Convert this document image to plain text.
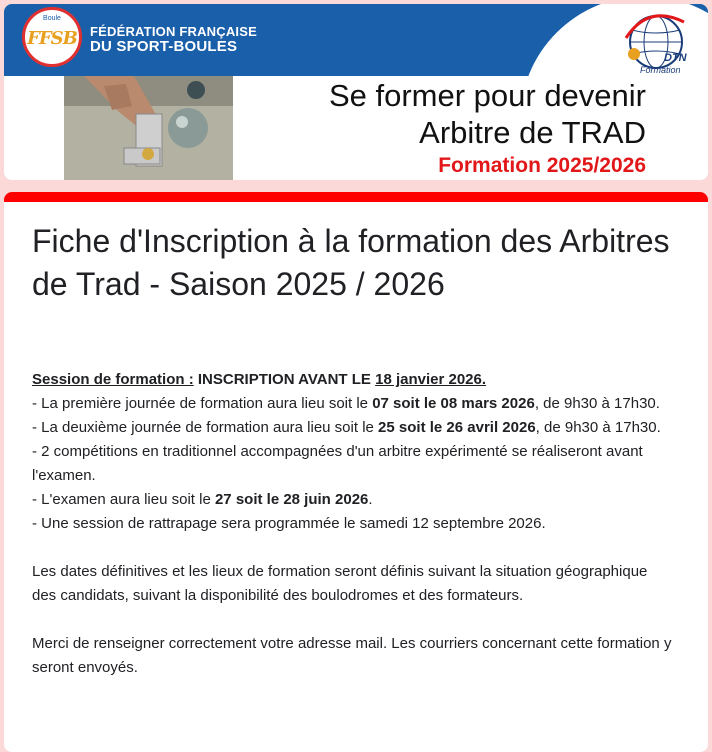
Boule
FFSB FÉDÉRATION FRANÇAISE
DU SPORT-BOULES
DTN
Formation
Se former pour devenir
Arbitre de TRAD
Formation 2025/2026
Fiche d'Inscription à la formation des Arbitres de Trad - Saison 2025 / 2026

Session de formation : INSCRIPTION AVANT LE 18 janvier 2026.

- La première journée de formation aura lieu soit le 07 soit le 08 mars 2026, de 9h30 à 17h30.

- La deuxième journée de formation aura lieu soit le 25 soit le 26 avril 2026, de 9h30 à 17h30.

- 2 compétitions en traditionnel accompagnées d'un arbitre expérimenté se réaliseront avant l'examen.

- L'examen aura lieu soit le 27 soit le 28 juin 2026.

- Une session de rattrapage sera programmée le samedi 12 septembre 2026.

Les dates définitives et les lieux de formation seront définis suivant la situation géographique des candidats, suivant la disponibilité des boulodromes et des formateurs.

Merci de renseigner correctement votre adresse mail. Les courriers concernant cette formation y seront envoyés.
